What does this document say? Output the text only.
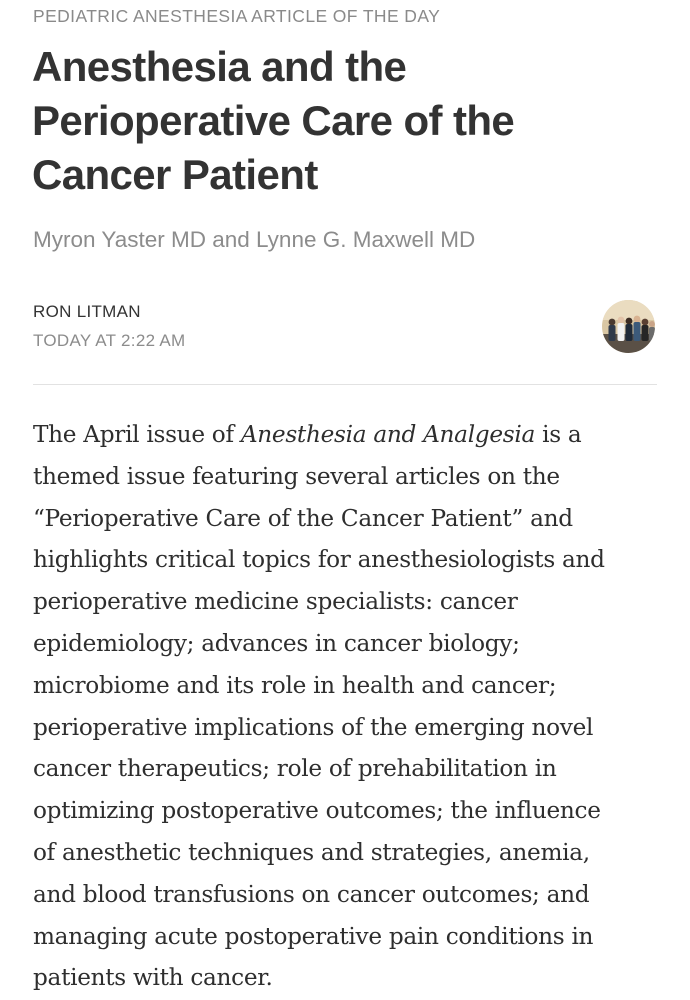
PEDIATRIC ANESTHESIA ARTICLE OF THE DAY
Anesthesia and the
Perioperative Care of the
Cancer Patient
Myron Yaster MD and Lynne G. Maxwell MD
RON LITMAN
TODAY AT 2:22 AM
The April issue of Anesthesia and Analgesia is a
themed issue featuring several articles on the
“Perioperative Care of the Cancer Patient” and
highlights critical topics for anesthesiologists and
perioperative medicine specialists: cancer
epidemiology; advances in cancer biology;
microbiome and its role in health and cancer;
perioperative implications of the emerging novel
cancer therapeutics; role of prehabilitation in
optimizing postoperative outcomes; the influence
of anesthetic techniques and strategies, anemia,
and blood transfusions on cancer outcomes; and
managing acute postoperative pain conditions in
patients with cancer.
